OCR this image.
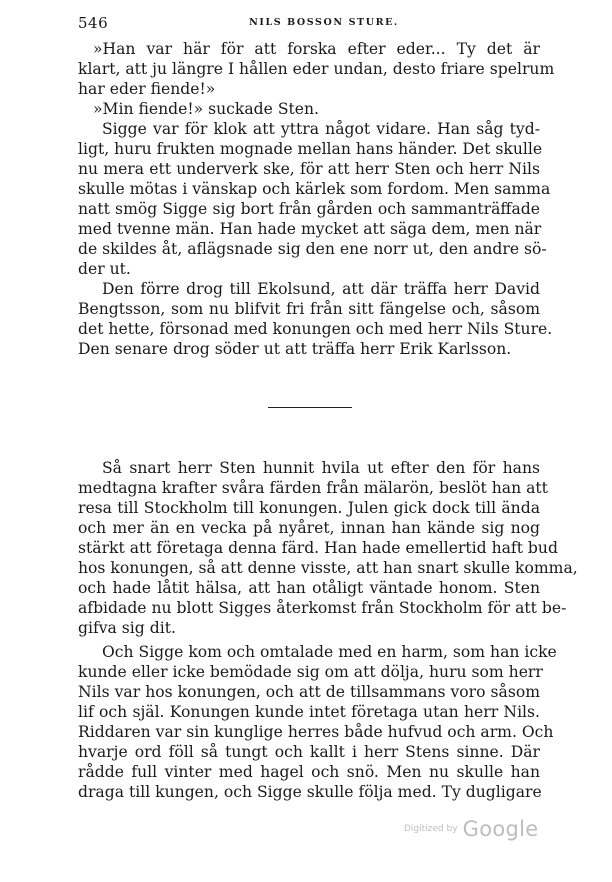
546	NILS BOSSON STURE.
»Han var här för att forska efter eder... Ty det är
klart, att ju längre I hållen eder undan, desto friare spelrum
har eder fiende!»
»Min fiende!» suckade Sten.
Sigge var för klok att yttra något vidare. Han såg tyd-
ligt, huru frukten mognade mellan hans händer. Det skulle
nu mera ett underverk ske, för att herr Sten och herr Nils
skulle mötas i vänskap och kärlek som fordom. Men samma
natt smög Sigge sig bort från gården och sammanträffade
med tvenne män. Han hade mycket att säga dem, men när
de skildes åt, aflägsnade sig den ene norr ut, den andre sö-
der ut.
Den förre drog till Ekolsund, att där träffa herr David
Bengtsson, som nu blifvit fri från sitt fängelse och, såsom
det hette, försonad med konungen och med herr Nils Sture.
Den senare drog söder ut att träffa herr Erik Karlsson.
Så snart herr Sten hunnit hvila ut efter den för hans
medtagna krafter svåra färden från mälarön, beslöt han att
resa till Stockholm till konungen. Julen gick dock till ända
och mer än en vecka på nyåret, innan han kände sig nog
stärkt att företaga denna färd. Han hade emellertid haft bud
hos konungen, så att denne visste, att han snart skulle komma,
och hade låtit hälsa, att han otåligt väntade honom. Sten
afbidade nu blott Sigges återkomst från Stockholm för att be-
gifva sig dit.
Och Sigge kom och omtalade med en harm, som han icke
kunde eller icke bemödade sig om att dölja, huru som herr
Nils var hos konungen, och att de tillsammans voro såsom
lif och själ. Konungen kunde intet företaga utan herr Nils.
Riddaren var sin kunglige herres både hufvud och arm. Och
hvarje ord föll så tungt och kallt i herr Stens sinne. Där
rådde full vinter med hagel och snö. Men nu skulle han
draga till kungen, och Sigge skulle följa med. Ty dugligare
Digitized by Google
